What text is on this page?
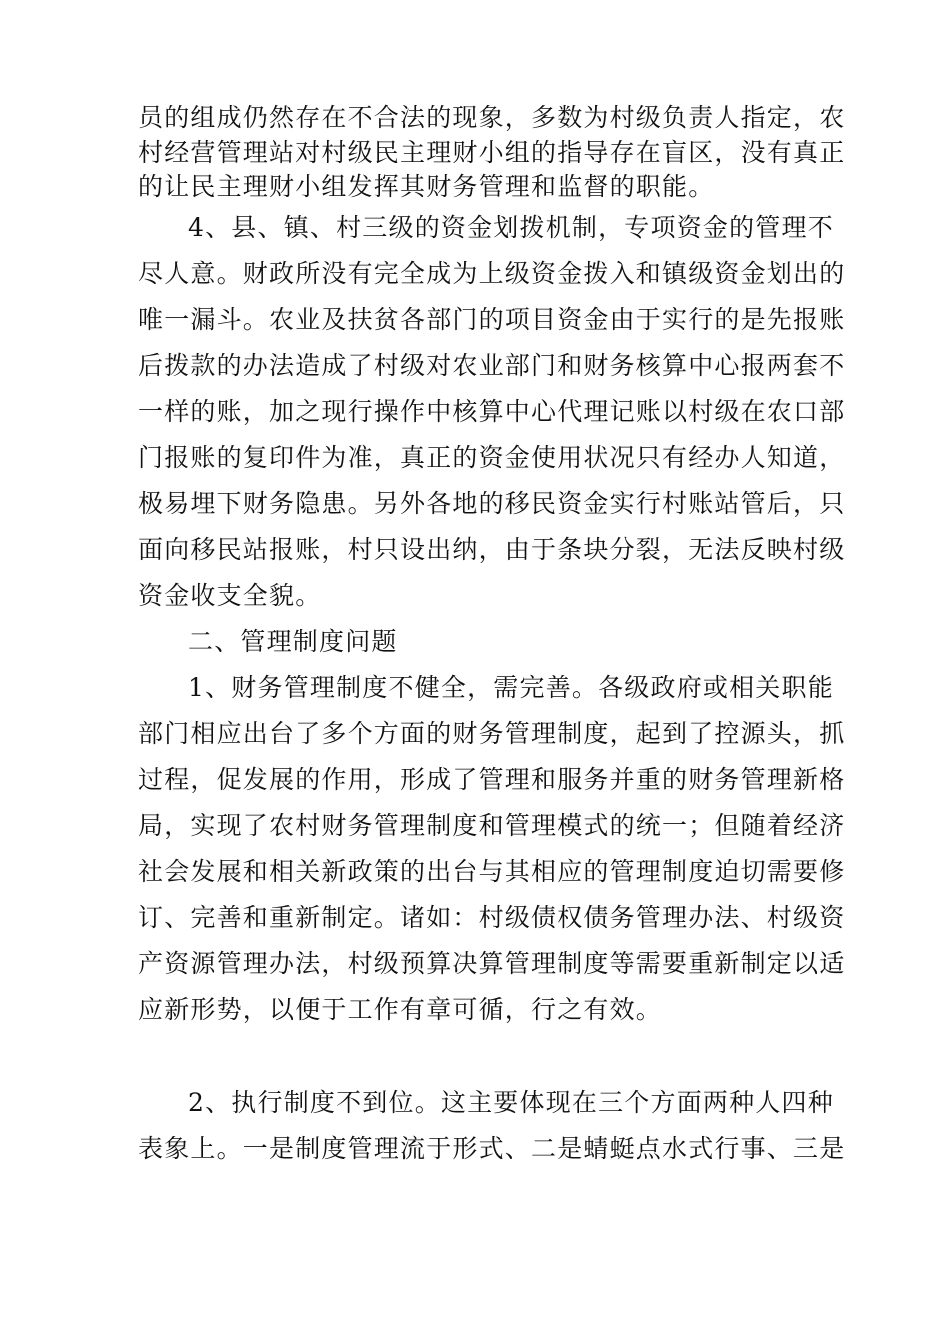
员的组成仍然存在不合法的现象，多数为村级负责人指定，农
村经营管理站对村级民主理财小组的指导存在盲区，没有真正
的让民主理财小组发挥其财务管理和监督的职能。
4、县、镇、村三级的资金划拨机制，专项资金的管理不
尽人意。财政所没有完全成为上级资金拨入和镇级资金划出的
唯一漏斗。农业及扶贫各部门的项目资金由于实行的是先报账
后拨款的办法造成了村级对农业部门和财务核算中心报两套不
一样的账，加之现行操作中核算中心代理记账以村级在农口部
门报账的复印件为准，真正的资金使用状况只有经办人知道，
极易埋下财务隐患。另外各地的移民资金实行村账站管后，只
面向移民站报账，村只设出纳，由于条块分裂，无法反映村级
资金收支全貌。
二、管理制度问题
1、财务管理制度不健全，需完善。各级政府或相关职能
部门相应出台了多个方面的财务管理制度，起到了控源头，抓
过程，促发展的作用，形成了管理和服务并重的财务管理新格
局，实现了农村财务管理制度和管理模式的统一；但随着经济
社会发展和相关新政策的出台与其相应的管理制度迫切需要修
订、完善和重新制定。诸如：村级债权债务管理办法、村级资
产资源管理办法，村级预算决算管理制度等需要重新制定以适
应新形势，以便于工作有章可循，行之有效。
2、执行制度不到位。这主要体现在三个方面两种人四种
表象上。一是制度管理流于形式、二是蜻蜓点水式行事、三是
